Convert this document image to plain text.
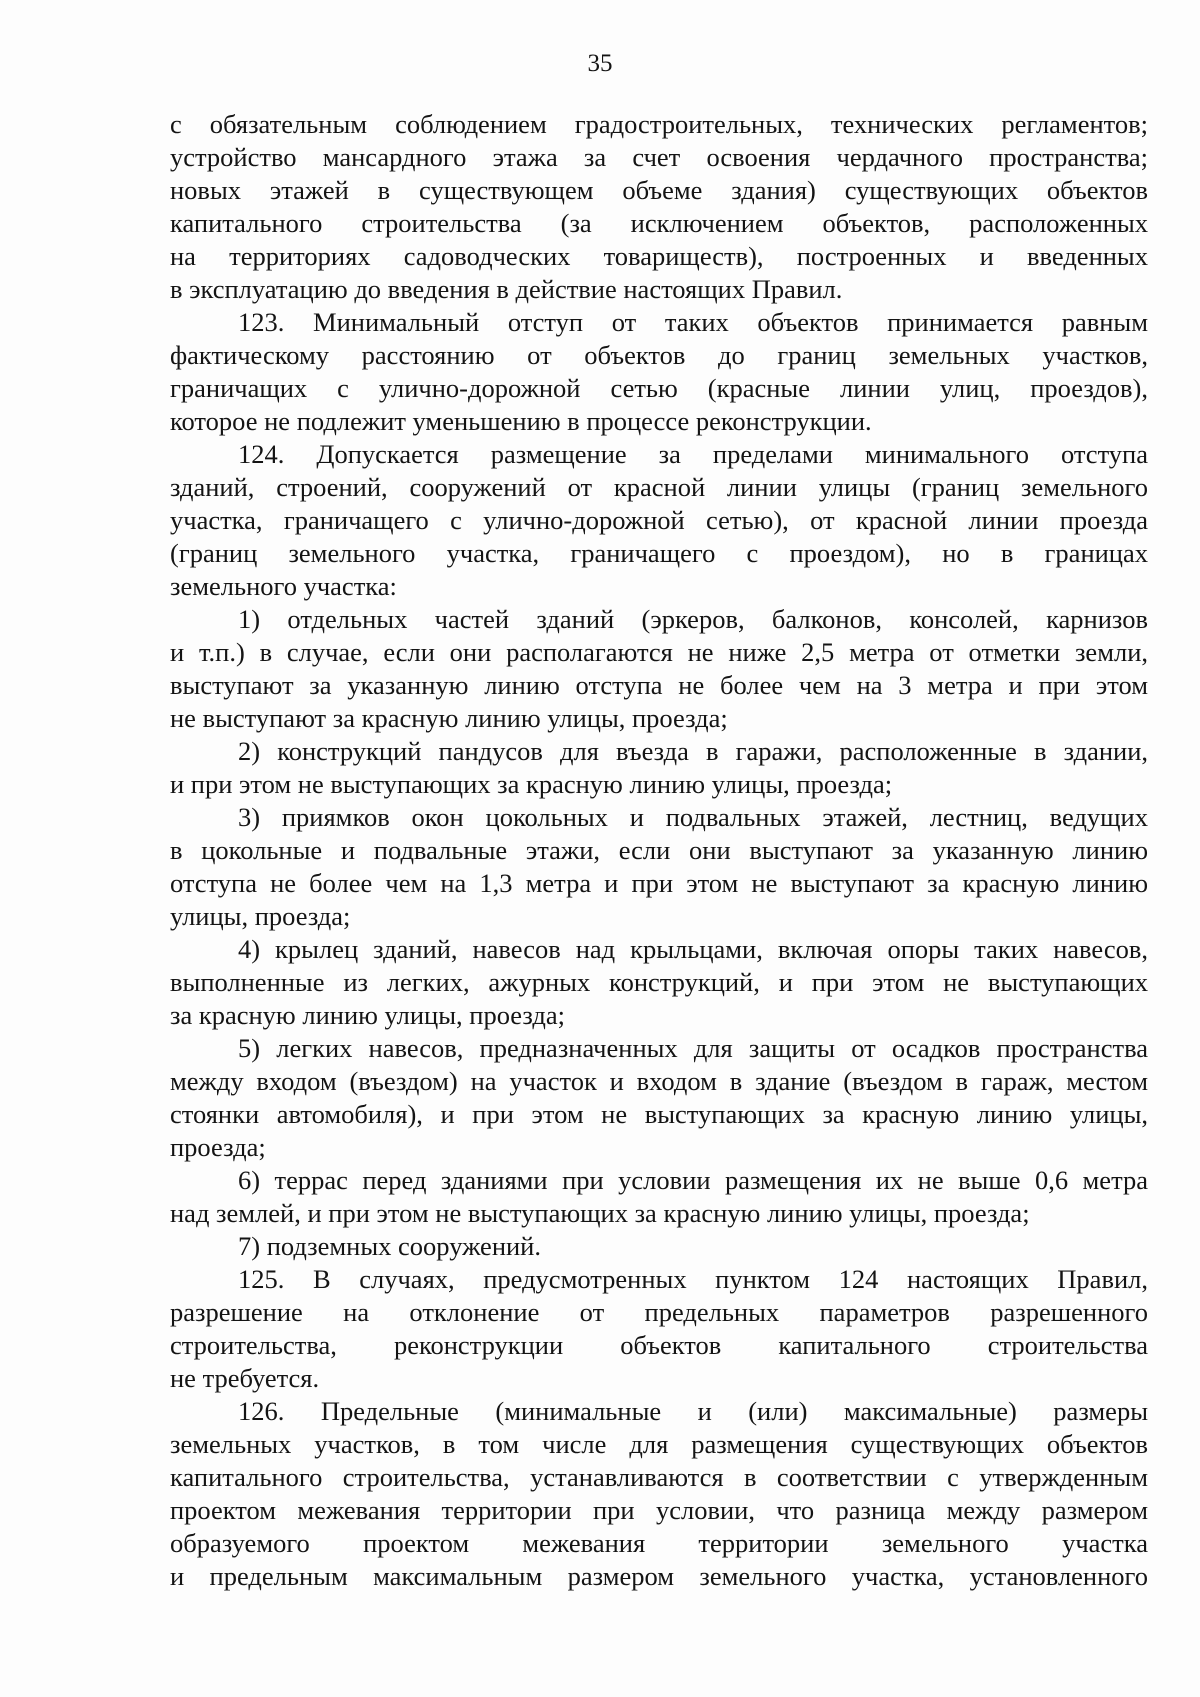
35
с обязательным соблюдением градостроительных, технических регламентов;
устройство мансардного этажа за счет освоения чердачного пространства;
новых этажей в существующем объеме здания) существующих объектов
капитального строительства (за исключением объектов, расположенных
на территориях садоводческих товариществ), построенных и введенных
в эксплуатацию до введения в действие настоящих Правил.
123. Минимальный отступ от таких объектов принимается равным
фактическому расстоянию от объектов до границ земельных участков,
граничащих с улично-дорожной сетью (красные линии улиц, проездов),
которое не подлежит уменьшению в процессе реконструкции.
124. Допускается размещение за пределами минимального отступа
зданий, строений, сооружений от красной линии улицы (границ земельного
участка, граничащего с улично-дорожной сетью), от красной линии проезда
(границ земельного участка, граничащего с проездом), но в границах
земельного участка:
1) отдельных частей зданий (эркеров, балконов, консолей, карнизов
и т.п.) в случае, если они располагаются не ниже 2,5 метра от отметки земли,
выступают за указанную линию отступа не более чем на 3 метра и при этом
не выступают за красную линию улицы, проезда;
2) конструкций пандусов для въезда в гаражи, расположенные в здании,
и при этом не выступающих за красную линию улицы, проезда;
3) приямков окон цокольных и подвальных этажей, лестниц, ведущих
в цокольные и подвальные этажи, если они выступают за указанную линию
отступа не более чем на 1,3 метра и при этом не выступают за красную линию
улицы, проезда;
4) крылец зданий, навесов над крыльцами, включая опоры таких навесов,
выполненные из легких, ажурных конструкций, и при этом не выступающих
за красную линию улицы, проезда;
5) легких навесов, предназначенных для защиты от осадков пространства
между входом (въездом) на участок и входом в здание (въездом в гараж, местом
стоянки автомобиля), и при этом не выступающих за красную линию улицы,
проезда;
6) террас перед зданиями при условии размещения их не выше 0,6 метра
над землей, и при этом не выступающих за красную линию улицы, проезда;
7) подземных сооружений.
125. В случаях, предусмотренных пунктом 124 настоящих Правил,
разрешение на отклонение от предельных параметров разрешенного
строительства, реконструкции объектов капитального строительства
не требуется.
126. Предельные (минимальные и (или) максимальные) размеры
земельных участков, в том числе для размещения существующих объектов
капитального строительства, устанавливаются в соответствии с утвержденным
проектом межевания территории при условии, что разница между размером
образуемого проектом межевания территории земельного участка
и предельным максимальным размером земельного участка, установленного
